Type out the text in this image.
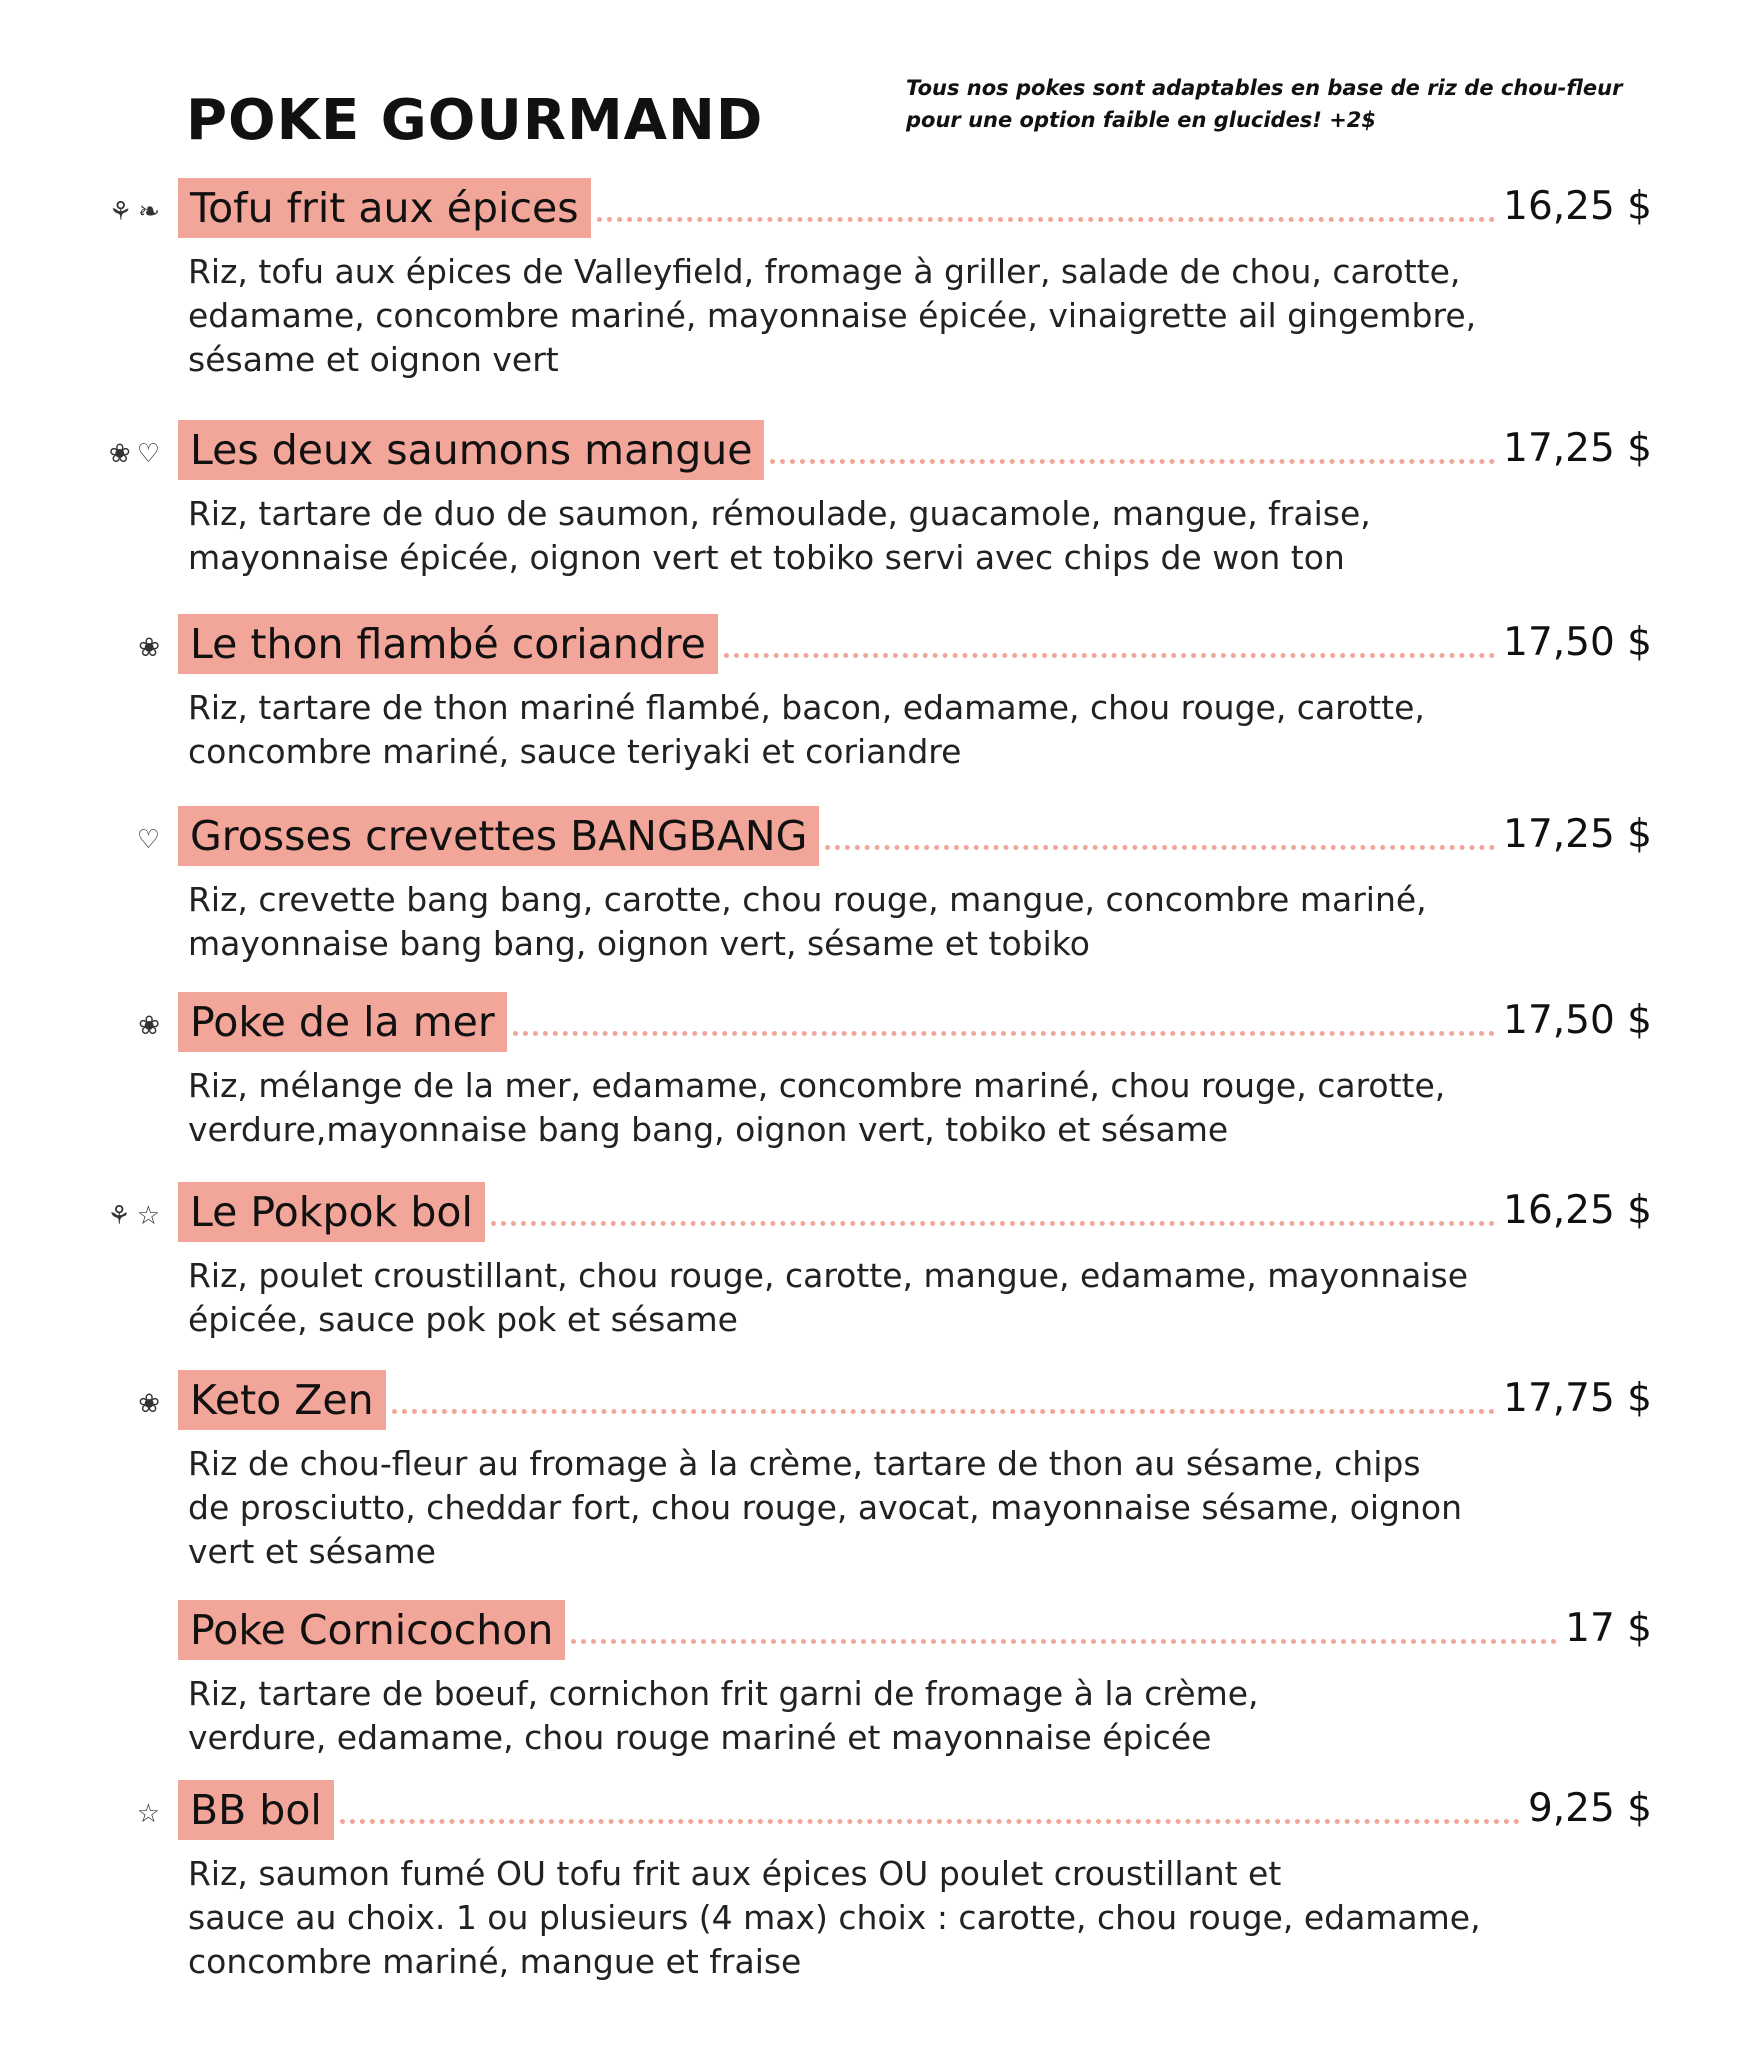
POKE GOURMAND	Tous nos pokes sont adaptables en base de riz de chou-fleur pour une option faible en glucides! +2$
⚘ ❧ Tofu frit aux épices	16,25 $
Riz, tofu aux épices de Valleyfield, fromage à griller, salade de chou, carotte,
edamame, concombre mariné, mayonnaise épicée, vinaigrette ail gingembre,
sésame et oignon vert
❀ ♡ Les deux saumons mangue	17,25 $
Riz, tartare de duo de saumon, rémoulade, guacamole, mangue, fraise,
mayonnaise épicée, oignon vert et tobiko servi avec chips de won ton
❀ Le thon flambé coriandre	17,50 $
Riz, tartare de thon mariné flambé, bacon, edamame, chou rouge, carotte,
concombre mariné, sauce teriyaki et coriandre
♡ Grosses crevettes BANGBANG	17,25 $
Riz, crevette bang bang, carotte, chou rouge, mangue, concombre mariné,
mayonnaise bang bang, oignon vert, sésame et tobiko
❀ Poke de la mer	17,50 $
Riz, mélange de la mer, edamame, concombre mariné, chou rouge, carotte,
verdure,mayonnaise bang bang, oignon vert, tobiko et sésame
⚘ ☆ Le Pokpok bol	16,25 $
Riz, poulet croustillant, chou rouge, carotte, mangue, edamame, mayonnaise
épicée, sauce pok pok et sésame
❀ Keto Zen	17,75 $
Riz de chou-fleur au fromage à la crème, tartare de thon au sésame, chips
de prosciutto, cheddar fort, chou rouge, avocat, mayonnaise sésame, oignon
vert et sésame
Poke Cornicochon	17 $
Riz, tartare de boeuf, cornichon frit garni de fromage à la crème,
verdure, edamame, chou rouge mariné et mayonnaise épicée
☆ BB bol	9,25 $
Riz, saumon fumé OU tofu frit aux épices OU poulet croustillant et
sauce au choix. 1 ou plusieurs (4 max) choix : carotte, chou rouge, edamame,
concombre mariné, mangue et fraise
